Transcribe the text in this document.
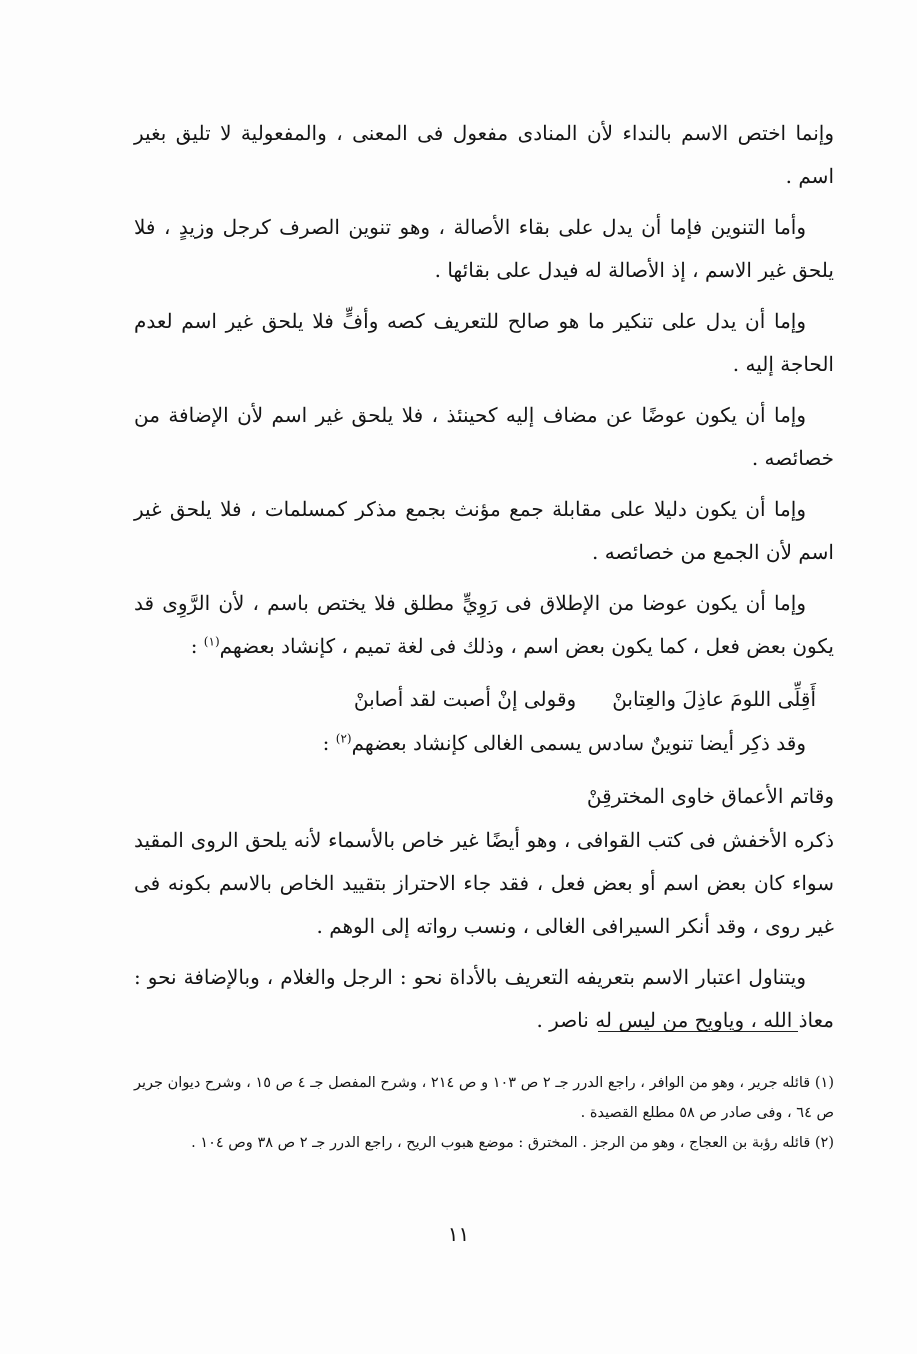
وإنما اختص الاسم بالنداء لأن المنادى مفعول فى المعنى ، والمفعولية لا تليق بغير اسم .

وأما التنوين فإما أن يدل على بقاء الأصالة ، وهو تنوين الصرف كرجل وزيدٍ ، فلا يلحق غير الاسم ، إذ الأصالة له فيدل على بقائها .

وإما أن يدل على تنكير ما هو صالح للتعريف كصه وأفٍّ فلا يلحق غير اسم لعدم الحاجة إليه .

وإما أن يكون عوضًا عن مضاف إليه كحينئذ ، فلا يلحق غير اسم لأن الإضافة من خصائصه .

وإما أن يكون دليلا على مقابلة جمع مؤنث بجمع مذكر كمسلمات ، فلا يلحق غير اسم لأن الجمع من خصائصه .

وإما أن يكون عوضا من الإطلاق فى رَوِيٍّ مطلق فلا يختص باسم ، لأن الرَّوِى قد يكون بعض فعل ، كما يكون بعض اسم ، وذلك فى لغة تميم ، كإنشاد بعضهم$^{(١)}$ :

أَقِلِّى اللومَ عاذِلَ والعِتابنْوقولى إنْ أصبت لقد أصابنْ

وقد ذكِر أيضا تنوينٌ سادس يسمى الغالى كإنشاد بعضهم$^{(٢)}$ :

وقاتم الأعماق خاوى المخترقِنْ

ذكره الأخفش فى كتب القوافى ، وهو أيضًا غير خاص بالأسماء لأنه يلحق الروى المقيد سواء كان بعض اسم أو بعض فعل ، فقد جاء الاحتراز بتقييد الخاص بالاسم بكونه فى غير روى ، وقد أنكر السيرافى الغالى ، ونسب رواته إلى الوهم .

ويتناول اعتبار الاسم بتعريفه التعريف بالأداة نحو : الرجل والغلام ، وبالإضافة نحو : معاذ الله ، وياويح من ليس له ناصر .

(١) قائله جرير ، وهو من الوافر ، راجع الدرر جـ ٢ ص ١٠٣ و ص ٢١٤ ، وشرح المفصل جـ ٤ ص ١٥ ، وشرح ديوان جرير ص ٦٤ ، وفى صادر ص ٥٨ مطلع القصيدة .

(٢) قائله رؤبة بن العجاج ، وهو من الرجز . المخترق : موضع هبوب الريح ، راجع الدرر جـ ٢ ص ٣٨ وص ١٠٤ .

١١
